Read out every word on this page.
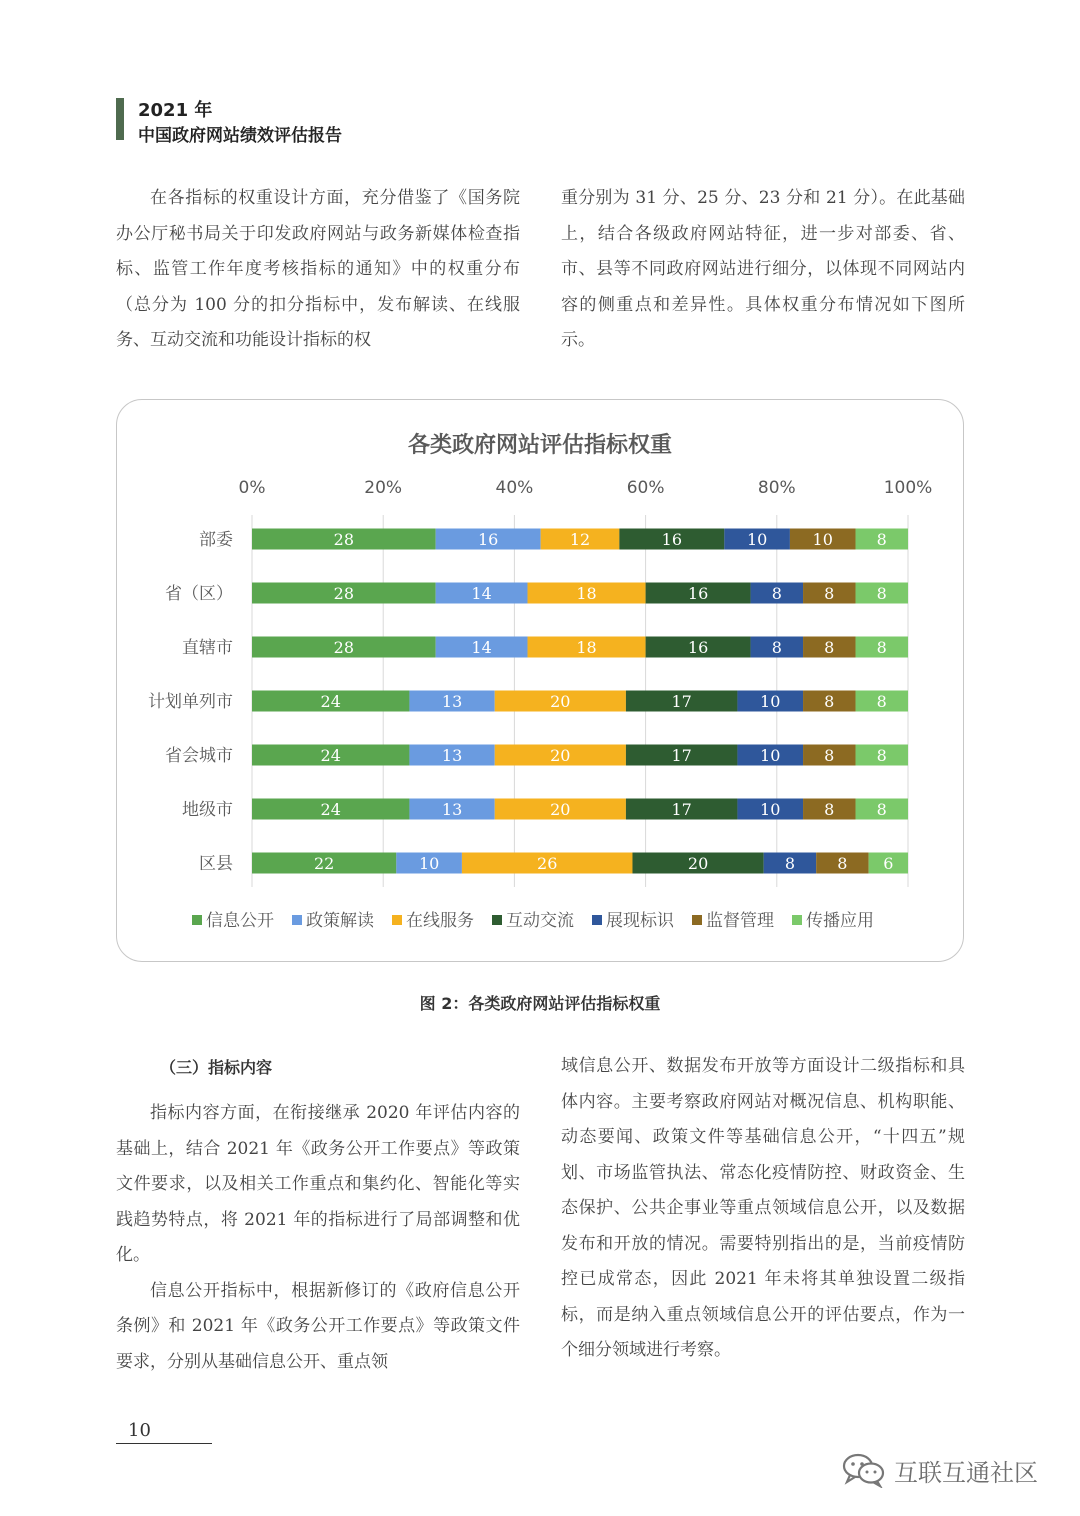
2021 年
中国政府网站绩效评估报告

在各指标的权重设计方面，充分借鉴了《国务院办公厅秘书局关于印发政府网站与政务新媒体检查指标、监管工作年度考核指标的通知》中的权重分布（总分为 100 分的扣分指标中，发布解读、在线服务、互动交流和功能设计指标的权

重分别为 31 分、25 分、23 分和 21 分）。在此基础上，结合各级政府网站特征，进一步对部委、省、市、县等不同政府网站进行细分，以体现不同网站内容的侧重点和差异性。具体权重分布情况如下图所示。

各类政府网站评估指标权重
0%	20%	40%	60%	80%	100%
部委	28	16	12	16	10	10	8
省（区）	28	14	18	16	8	8	8
直辖市	28	14	18	16	8	8	8
计划单列市	24	13	20	17	10	8	8
省会城市	24	13	20	17	10	8	8
地级市	24	13	20	17	10	8	8
区县	22	10	26	20	8	8 6
信息公开 政策解读 在线服务 互动交流 展现标识 监督管理 传播应用
图 2：各类政府网站评估指标权重
（三）指标内容

指标内容方面，在衔接继承 2020 年评估内容的基础上，结合 2021 年《政务公开工作要点》等政策文件要求，以及相关工作重点和集约化、智能化等实践趋势特点，将 2021 年的指标进行了局部调整和优化。

信息公开指标中，根据新修订的《政府信息公开条例》和 2021 年《政务公开工作要点》等政策文件要求，分别从基础信息公开、重点领

域信息公开、数据发布开放等方面设计二级指标和具体内容。主要考察政府网站对概况信息、机构职能、动态要闻、政策文件等基础信息公开，“十四五”规划、市场监管执法、常态化疫情防控、财政资金、生态保护、公共企事业等重点领域信息公开，以及数据发布和开放的情况。需要特别指出的是，当前疫情防控已成常态，因此 2021 年未将其单独设置二级指标，而是纳入重点领域信息公开的评估要点，作为一个细分领域进行考察。

10
互联互通社区
